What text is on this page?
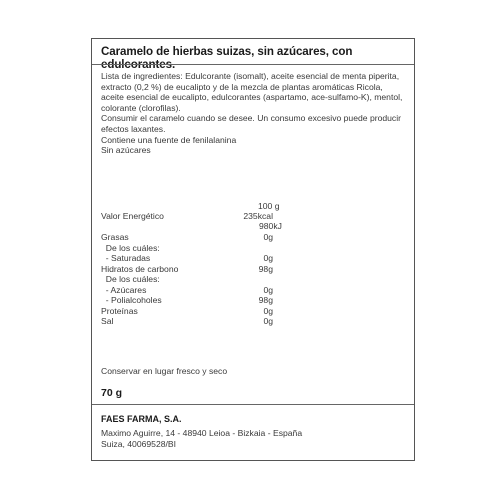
Caramelo de hierbas suizas, sin azúcares, con edulcorantes.

Lista de ingredientes: Edulcorante (isomalt), aceite esencial de menta piperita, extracto (0,2 %) de eucalipto y de la mezcla de plantas aromáticas Ricola, aceite esencial de eucalipto, edulcorantes (aspartamo, ace-sulfamo-K), mentol, colorante (clorofilas).

Consumir el caramelo cuando se desee. Un consumo excesivo puede producir efectos laxantes.

Contiene una fuente de fenilalanina

Sin azúcares

100 g
Valor Energético	235kcal
980kJ
Grasas	0g
De los cuáles:
- Saturadas	0g
Hidratos de carbono	98g
De los cuáles:
- Azúcares	0g
- Polialcoholes	98g
Proteínas	0g
Sal	0g
Conservar en lugar fresco y seco
70 g
FAES FARMA, S.A.
Maximo Aguirre, 14 - 48940 Leioa - Bizkaia - España
Suiza, 40069528/BI
